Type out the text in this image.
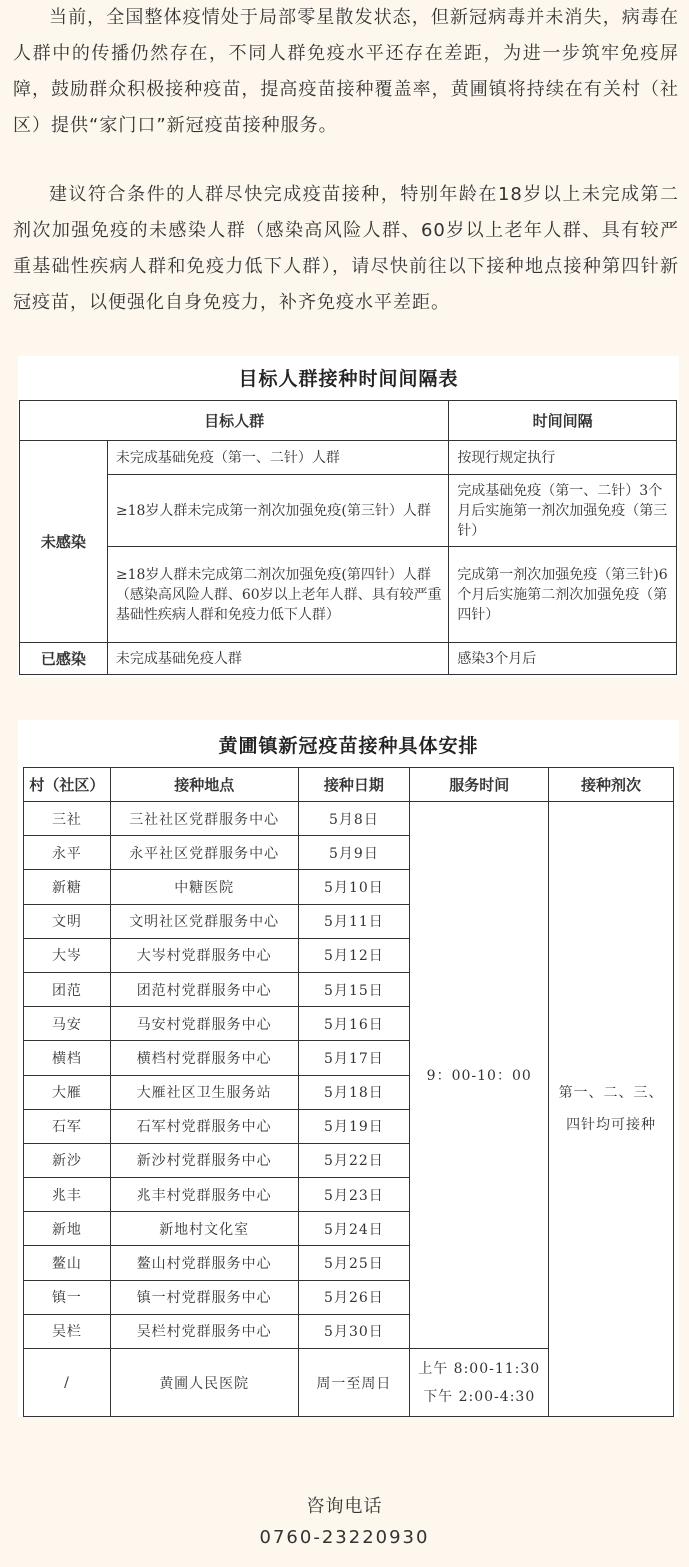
当前，全国整体疫情处于局部零星散发状态，但新冠病毒并未消失，病毒在人群中的传播仍然存在，不同人群免疫水平还存在差距，为进一步筑牢免疫屏障，鼓励群众积极接种疫苗，提高疫苗接种覆盖率，黄圃镇将持续在有关村（社区）提供“家门口”新冠疫苗接种服务。

建议符合条件的人群尽快完成疫苗接种，特别年龄在18岁以上未完成第二剂次加强免疫的未感染人群（感染高风险人群、60岁以上老年人群、具有较严重基础性疾病人群和免疫力低下人群），请尽快前往以下接种地点接种第四针新冠疫苗，以便强化自身免疫力，补齐免疫水平差距。

目标人群接种时间间隔表
目标人群		时间间隔
未感染	未完成基础免疫（第一、二针）人群	按现行规定执行
	≥18岁人群未完成第一剂次加强免疫(第三针）人群	完成基础免疫（第一、二针）3个月后实施第一剂次加强免疫（第三针）
	≥18岁人群未完成第二剂次加强免疫(第四针）人群（感染高风险人群、60岁以上老年人群、具有较严重基础性疾病人群和免疫力低下人群）	完成第一剂次加强免疫（第三针)6个月后实施第二剂次加强免疫（第四针）
已感染	未完成基础免疫人群	感染3个月后
黄圃镇新冠疫苗接种具体安排
村（社区）	接种地点	接种日期	服务时间	接种剂次
三社	三社社区党群服务中心	5月8日	9：00-10：00	第一、二、三、四针均可接种
永平	永平社区党群服务中心	5月9日		
新糖	中糖医院	5月10日		
文明	文明社区党群服务中心	5月11日		
大岑	大岑村党群服务中心	5月12日		
团范	团范村党群服务中心	5月15日		
马安	马安村党群服务中心	5月16日		
横档	横档村党群服务中心	5月17日		
大雁	大雁社区卫生服务站	5月18日		
石军	石军村党群服务中心	5月19日		
新沙	新沙村党群服务中心	5月22日		
兆丰	兆丰村党群服务中心	5月23日		
新地	新地村文化室	5月24日		
鳌山	鳌山村党群服务中心	5月25日		
镇一	镇一村党群服务中心	5月26日		
吴栏	吴栏村党群服务中心	5月30日		
/	黄圃人民医院	周一至周日	上午 8:00-11:30
下午 2:00-4:30	
咨询电话
0760-23220930
